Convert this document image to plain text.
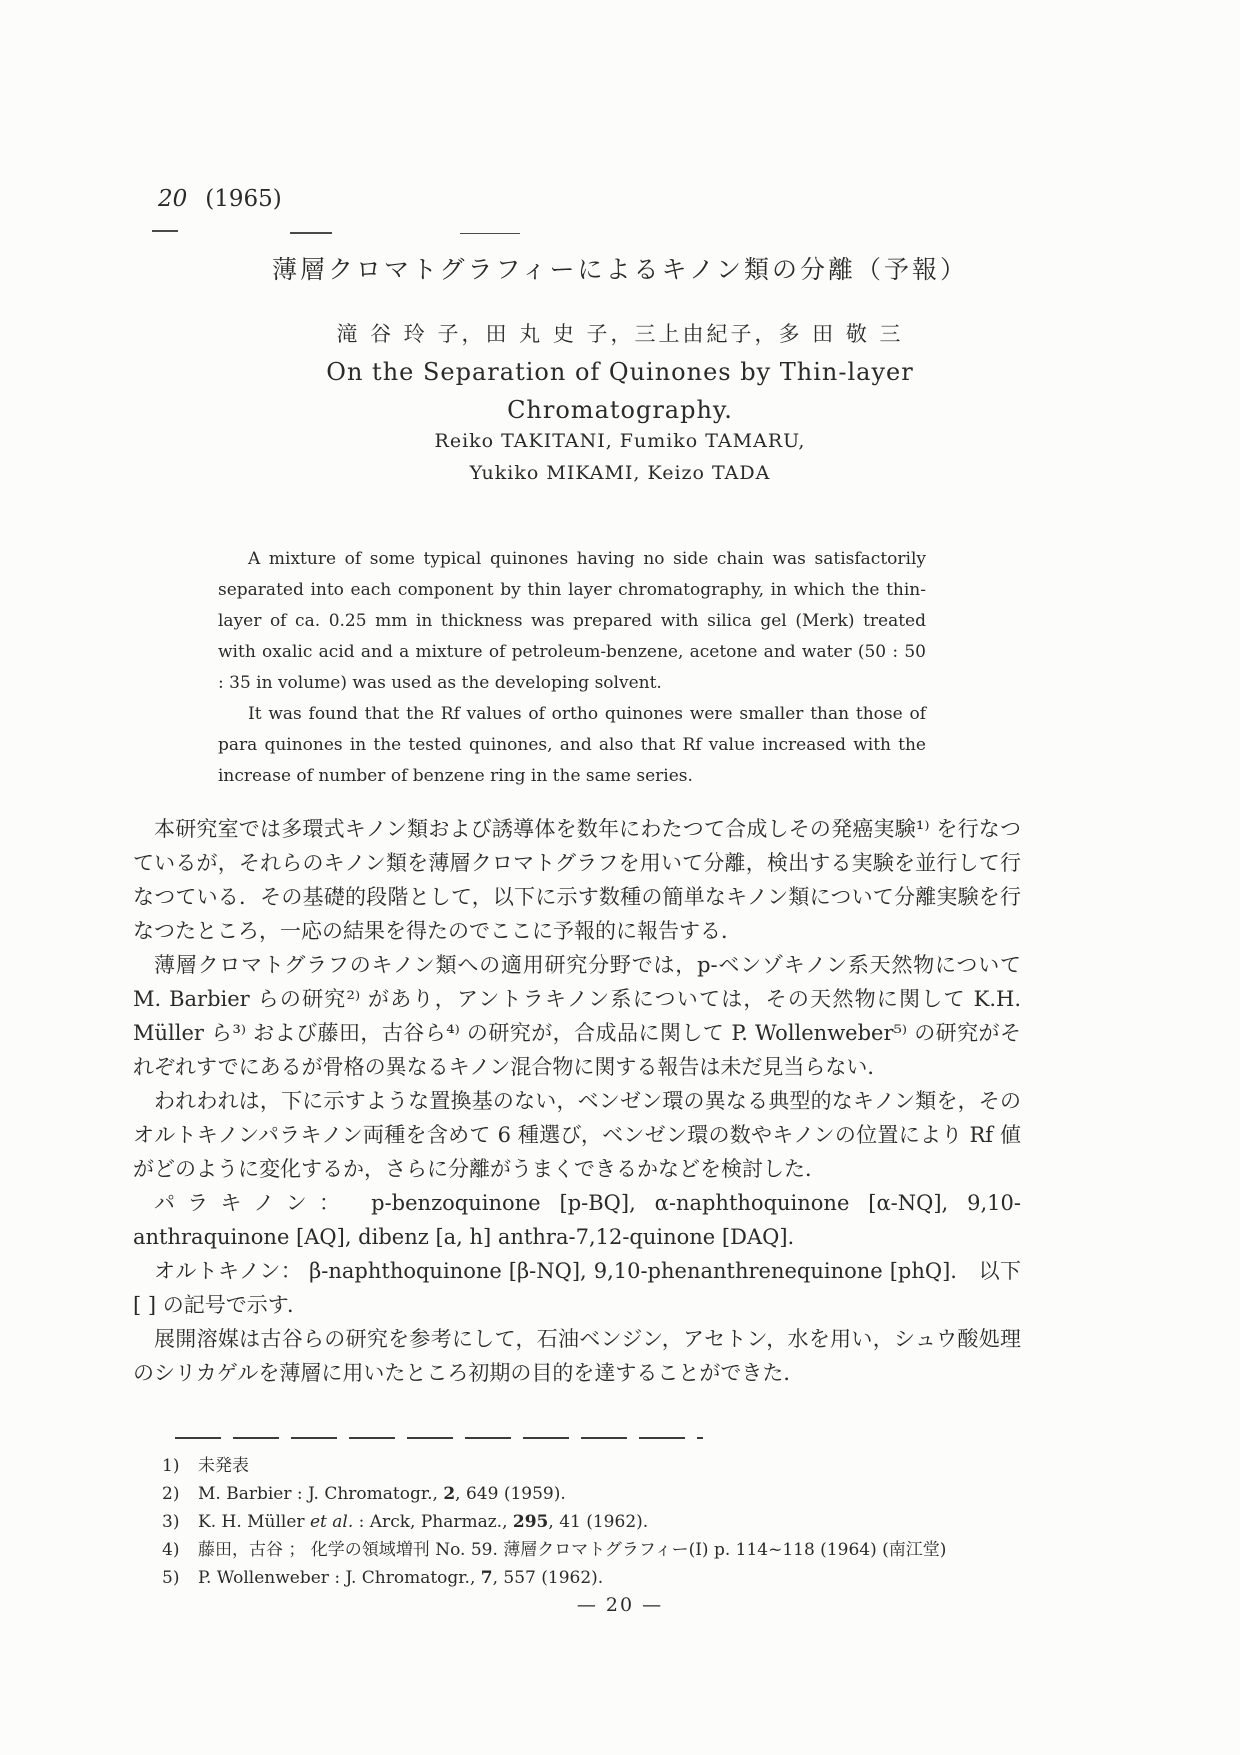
20 (1965)
薄層クロマトグラフィーによるキノン類の分離（予報）
滝 谷 玲 子，田 丸 史 子，三上由紀子，多 田 敬 三
On the Separation of Quinones by Thin-layer
Chromatography.
Reiko TAKITANI, Fumiko TAMARU,
Yukiko MIKAMI, Keizo TADA

A mixture of some typical quinones having no side chain was satisfactorily separated into each component by thin layer chromatography, in which the thin-layer of ca. 0.25 mm in thickness was prepared with silica gel (Merk) treated with oxalic acid and a mixture of petroleum-benzene, acetone and water (50 : 50 : 35 in volume) was used as the developing solvent.

It was found that the Rf values of ortho quinones were smaller than those of para quinones in the tested quinones, and also that Rf value increased with the increase of number of benzene ring in the same series.

本研究室では多環式キノン類および誘導体を数年にわたつて合成しその発癌実験¹⁾ を行なつているが，それらのキノン類を薄層クロマトグラフを用いて分離，検出する実験を並行して行なつている．その基礎的段階として，以下に示す数種の簡単なキノン類について分離実験を行なつたところ，一応の結果を得たのでここに予報的に報告する．

薄層クロマトグラフのキノン類への適用研究分野では，p-ベンゾキノン系天然物について M. Barbier らの研究²⁾ があり，アントラキノン系については，その天然物に関して K.H. Müller ら³⁾ および藤田，古谷ら⁴⁾ の研究が，合成品に関して P. Wollenweber⁵⁾ の研究がそれぞれすでにあるが骨格の異なるキノン混合物に関する報告は未だ見当らない．

われわれは，下に示すような置換基のない，ベンゼン環の異なる典型的なキノン類を，そのオルトキノンパラキノン両種を含めて 6 種選び，ベンゼン環の数やキノンの位置により Rf 値がどのように変化するか，さらに分離がうまくできるかなどを検討した．

パラキノン： p-benzoquinone [p-BQ], α-naphthoquinone [α-NQ], 9,10-anthraquinone [AQ], dibenz [a, h] anthra-7,12-quinone [DAQ].

オルトキノン： β-naphthoquinone [β-NQ], 9,10-phenanthrenequinone [phQ].　以下 [ ] の記号で示す．

展開溶媒は古谷らの研究を参考にして，石油ベンジン，アセトン，水を用い，シュウ酸処理のシリカゲルを薄層に用いたところ初期の目的を達することができた．

1)	未発表
2)	M. Barbier : J. Chromatogr., 2, 649 (1959).
3)	K. H. Müller et al. : Arck, Pharmaz., 295, 41 (1962).
4)	藤田，古谷 ； 化学の領域増刊 No. 59. 薄層クロマトグラフィー(I) p. 114~118 (1964) (南江堂)
5)	P. Wollenweber : J. Chromatogr., 7, 557 (1962).
— 20 —
